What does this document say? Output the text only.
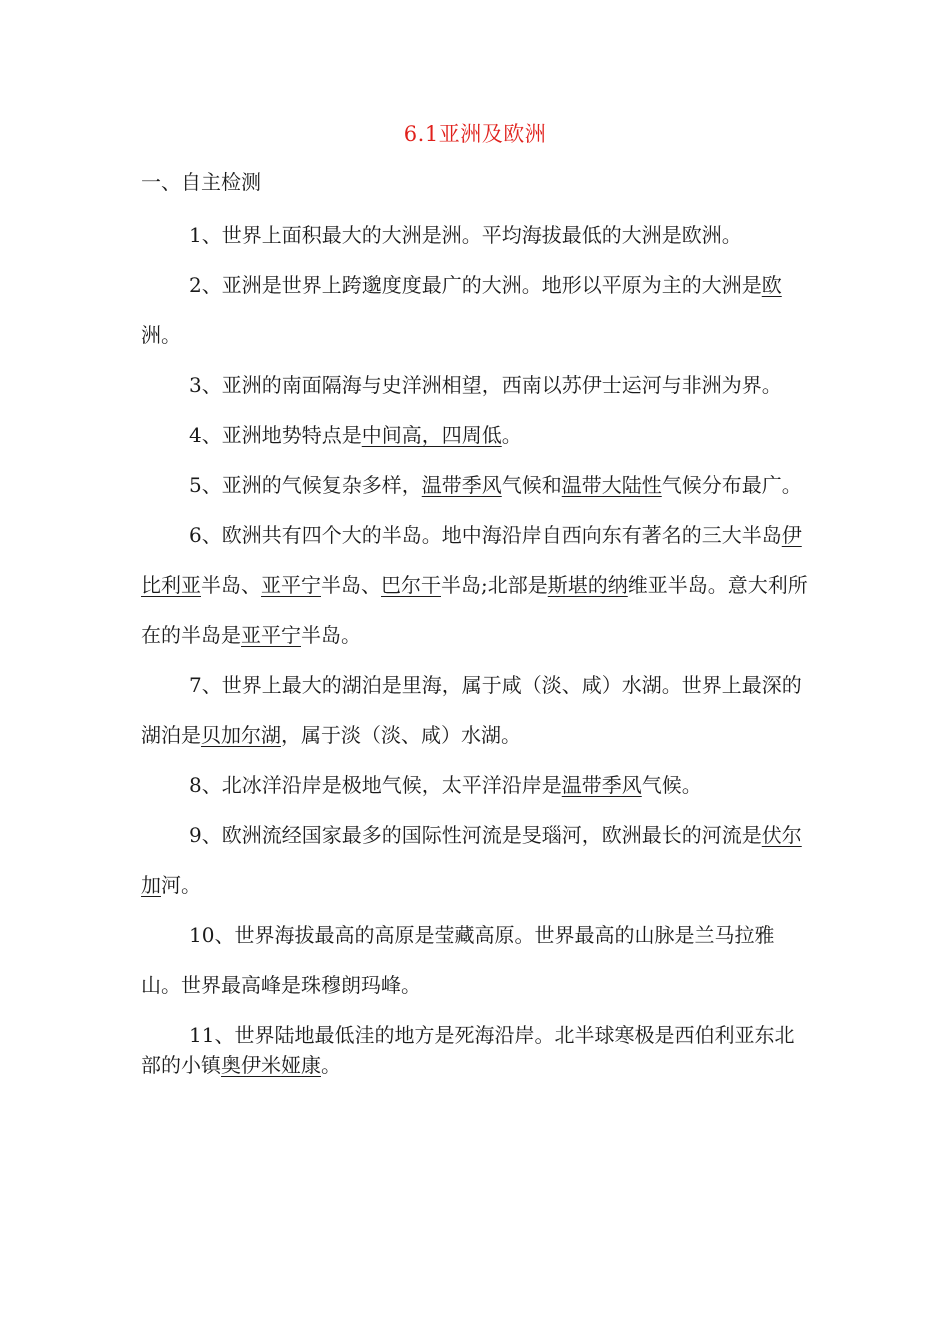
6.1亚洲及欧洲
一、自主检测

1、世界上面积最大的大洲是洲。平均海拔最低的大洲是欧洲。

2、亚洲是世界上跨邈度度最广的大洲。地形以平原为主的大洲是欧洲。

3、亚洲的南面隔海与史洋洲相望，西南以苏伊士运河与非洲为界。

4、亚洲地势特点是中间高，四周低。

5、亚洲的气候复杂多样，温带季风气候和温带大陆性气候分布最广。

6、欧洲共有四个大的半岛。地中海沿岸自西向东有著名的三大半岛伊比利亚半岛、亚平宁半岛、巴尔干半岛;北部是斯堪的纳维亚半岛。意大利所在的半岛是亚平宁半岛。

7、世界上最大的湖泊是里海，属于咸（淡、咸）水湖。世界上最深的湖泊是贝加尔湖，属于淡（淡、咸）水湖。

8、北冰洋沿岸是极地气候，太平洋沿岸是温带季风气候。

9、欧洲流经国家最多的国际性河流是旻瑙河，欧洲最长的河流是伏尔加河。

10、世界海拔最高的高原是莹藏高原。世界最高的山脉是兰马拉雅山。世界最高峰是珠穆朗玛峰。

11、世界陆地最低洼的地方是死海沿岸。北半球寒极是西伯利亚东北部的小镇奥伊米娅康。
